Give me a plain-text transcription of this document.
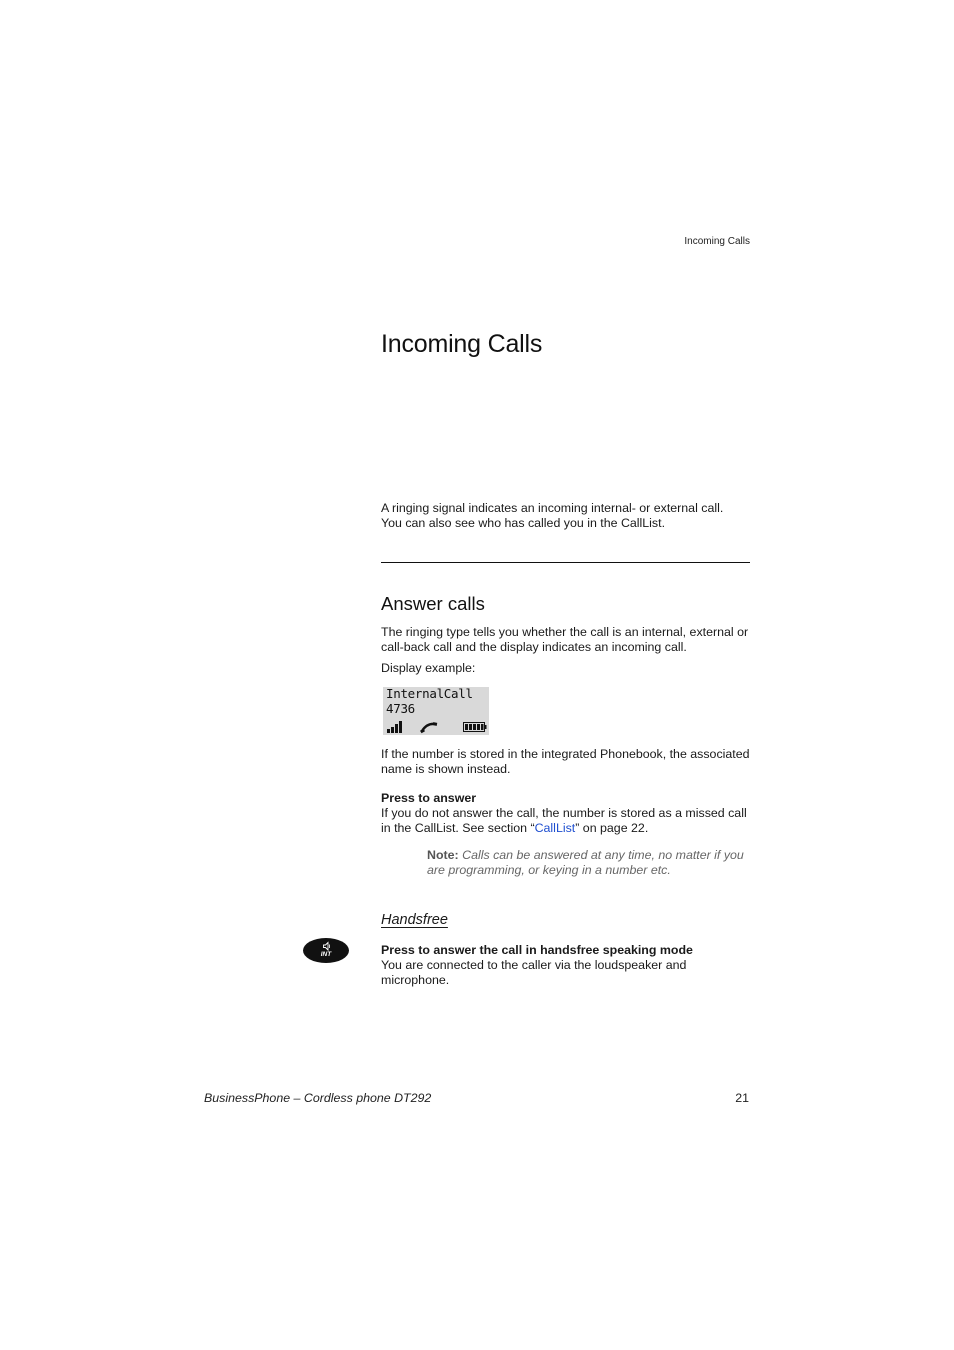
Incoming Calls
Incoming Calls
A ringing signal indicates an incoming internal- or external call.
You can also see who has called you in the CallList.
Answer calls
The ringing type tells you whether the call is an internal, external or
call-back call and the display indicates an incoming call.
Display example:
InternalCall
4736
If the number is stored in the integrated Phonebook, the associated
name is shown instead.
Press to answer
If you do not answer the call, the number is stored as a missed call
in the CallList. See section “CallList” on page 22.
Note: Calls can be answered at any time, no matter if you
are programming, or keying in a number etc.
Handsfree
INT	Press to answer the call in handsfree speaking mode
You are connected to the caller via the loudspeaker and
microphone.
BusinessPhone – Cordless phone DT292	21
